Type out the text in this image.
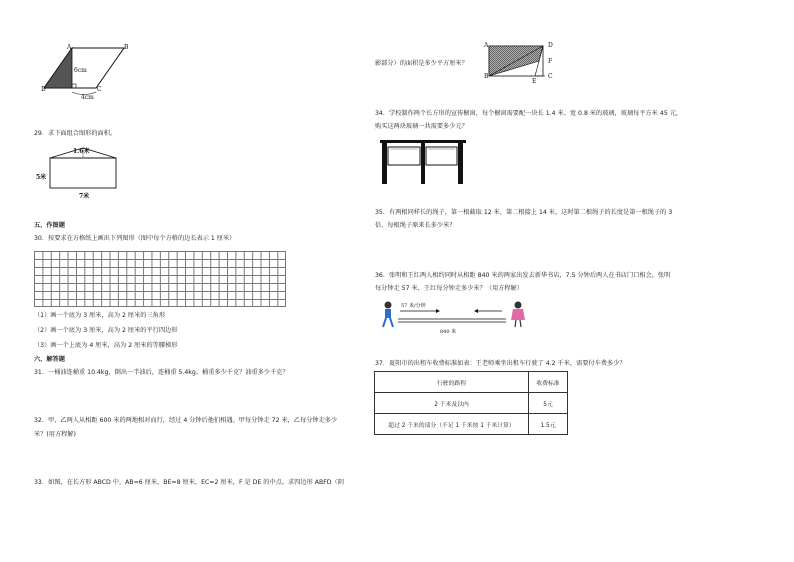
A	B
D	C
6cm
4cm
29．求下面组合图形的面积。
1.6米
5米
7米
五、作图题
30．按要求在方格纸上画出下列图形（图中每个方格的边长表示 1 厘米）
（1）画一个底为 3 厘米，高为 2 厘米的三角形
（2）画一个底为 3 厘米，高为 2 厘米的平行四边形
（3）画一个上底为 4 厘米，高为 2 厘米的等腰梯形
六、解答题
31．一桶油连桶重 10.4kg，倒出一半油后，连桶重 5.4kg。桶重多少千克？油重多少千克？
32．甲、乙两人从相距 600 米的两地相对而行，经过 4 分钟后他们相遇。甲每分钟走 72 米，乙每分钟走多少
米？(用方程解)
33．如图，在长方形 ABCD 中，AB=6 厘米，BE=8 厘米，EC=2 厘米，F 是 DE 的中点。求四边形 ABFD（阴
影部分）的面积是多少平方厘米？
A	D
F
B
E
C
34．学校制作两个长方形的宣传橱窗，每个橱窗需要配一块长 1.4 米、宽 0.8 米的玻璃，玻璃每平方米 45 元，
购买这两块玻璃一共需要多少元？
35．有两根同样长的绳子，第一根截取 12 米，第二根接上 14 米，这时第二根绳子的长度是第一根绳子的 3
倍，每根绳子原来长多少米？
36．张明和王红两人相约同时从相距 840 米的两家出发去新华书店，7.5 分钟后两人在书店门口相会，张明
每分钟走 57 米，王红每分钟走多少米？（用方程解）
57 米/分钟
840 米
37．夏阳市的出租车收费标准如表：王老师乘坐出租车行驶了 4.2 千米，需要付车费多少？
行驶的路程	收费标准
2 千米及以内	5元
超过 2 千米的部分（不足 1 千米按 1 千米计算）	1.5元
